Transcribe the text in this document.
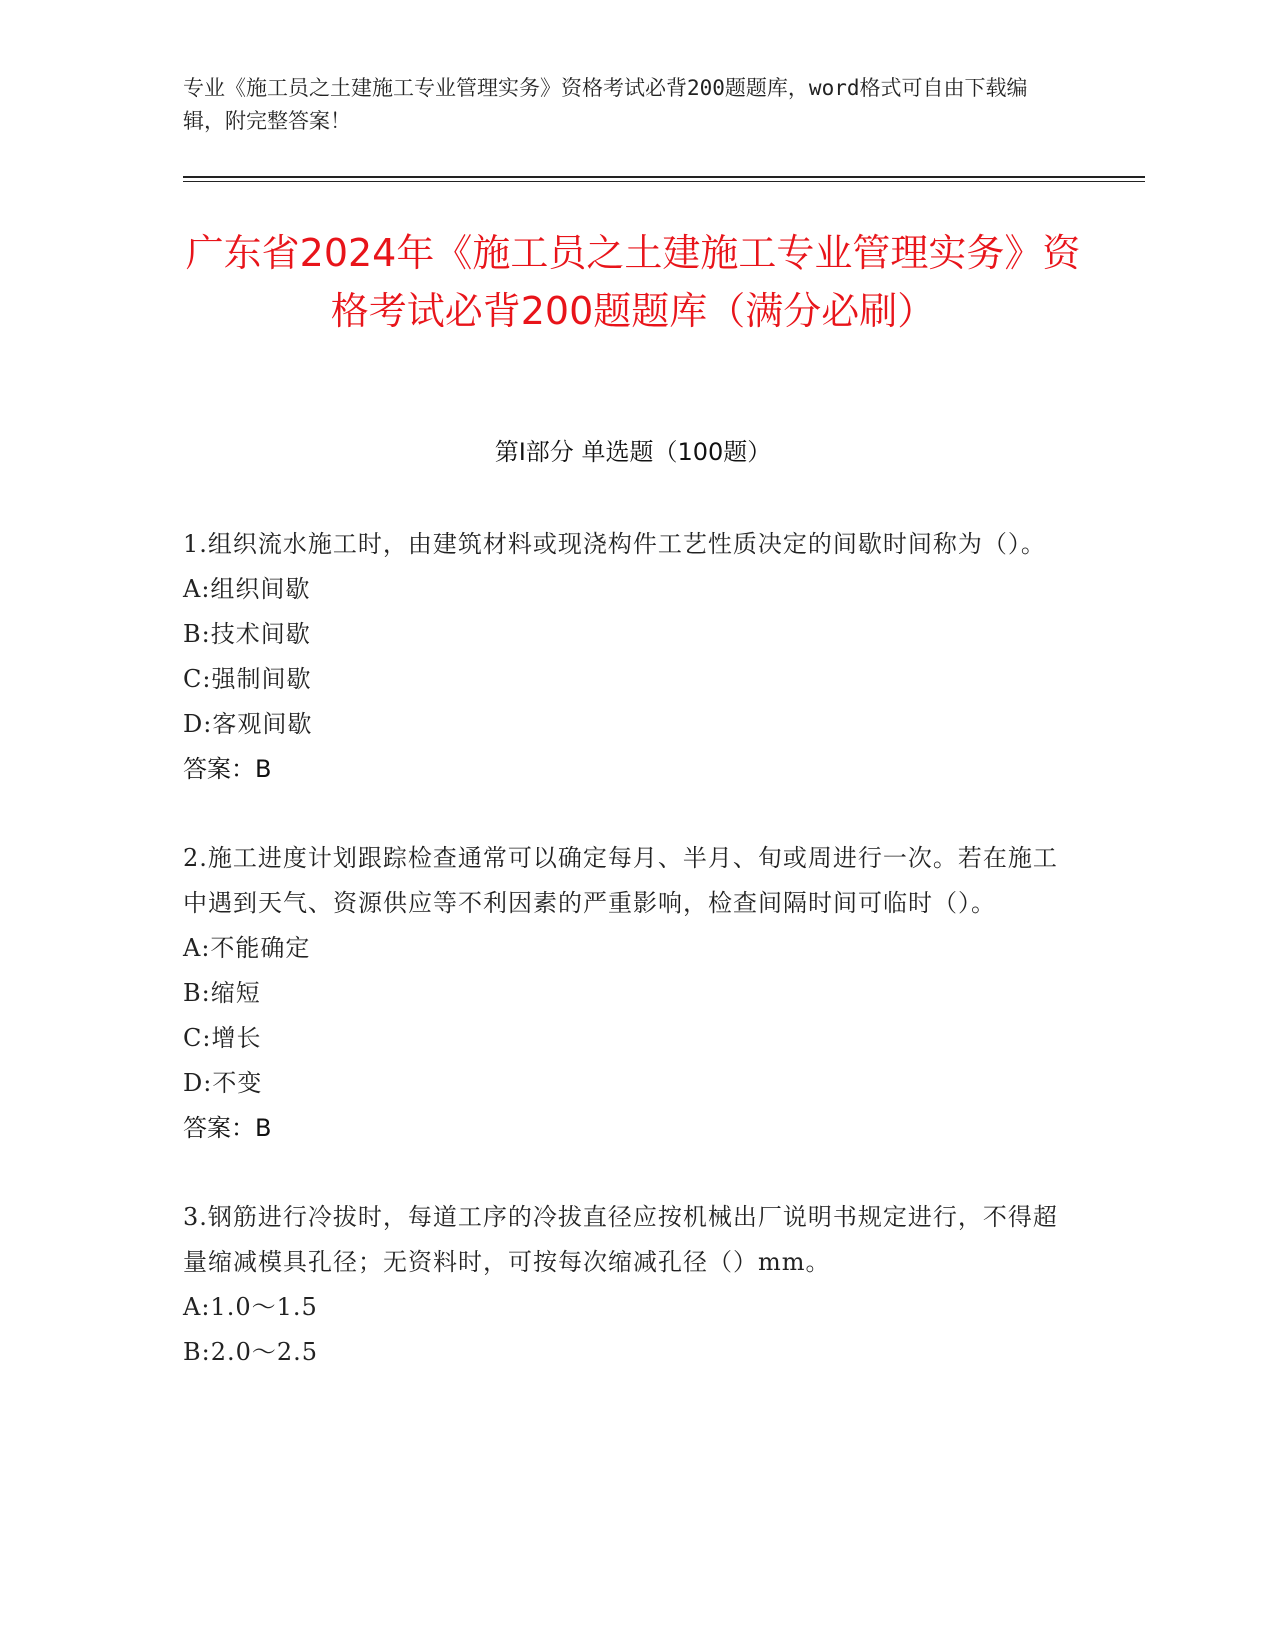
专业《施工员之土建施工专业管理实务》资格考试必背200题题库，word格式可自由下载编辑，附完整答案！
广东省2024年《施工员之土建施工专业管理实务》资格考试必背200题题库（满分必刷）
第I部分 单选题（100题）
1.组织流水施工时，由建筑材料或现浇构件工艺性质决定的间歇时间称为（）。
A:组织间歇
B:技术间歇
C:强制间歇
D:客观间歇
答案：B
2.施工进度计划跟踪检查通常可以确定每月、半月、旬或周进行一次。若在施工中遇到天气、资源供应等不利因素的严重影响，检查间隔时间可临时（）。
A:不能确定
B:缩短
C:增长
D:不变
答案：B
3.钢筋进行冷拔时，每道工序的冷拔直径应按机械出厂说明书规定进行，不得超量缩减模具孔径；无资料时，可按每次缩减孔径（）mm。
A:1.0～1.5
B:2.0～2.5
